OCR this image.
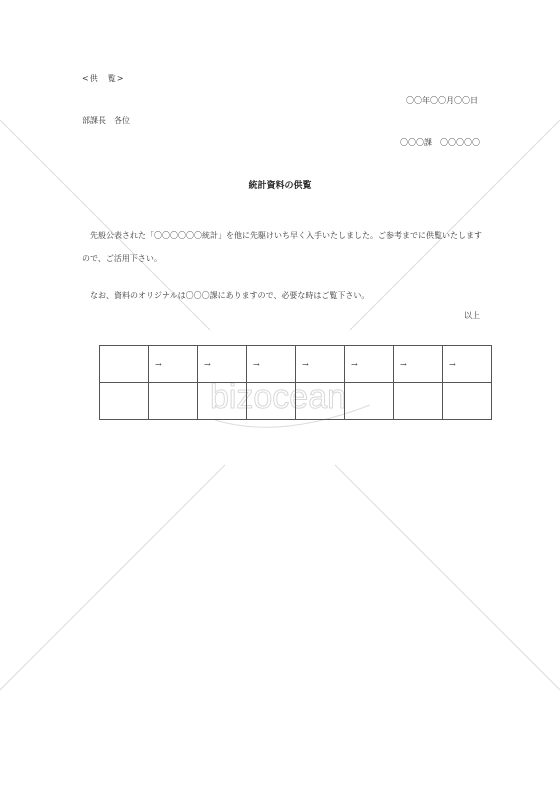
bizocean
<供　覧>
〇〇年〇〇月〇〇日
部課長　各位
〇〇〇課　〇〇〇〇〇
統計資料の供覧
先般公表された「〇〇〇〇〇〇統計」を他に先駆けいち早く入手いたしました。ご参考までに供覧いたしますので、ご活用下さい。
なお、資料のオリジナルは〇〇〇課にありますので、必要な時はご覧下さい。
以上
	→	→	→	→	→	→	→
